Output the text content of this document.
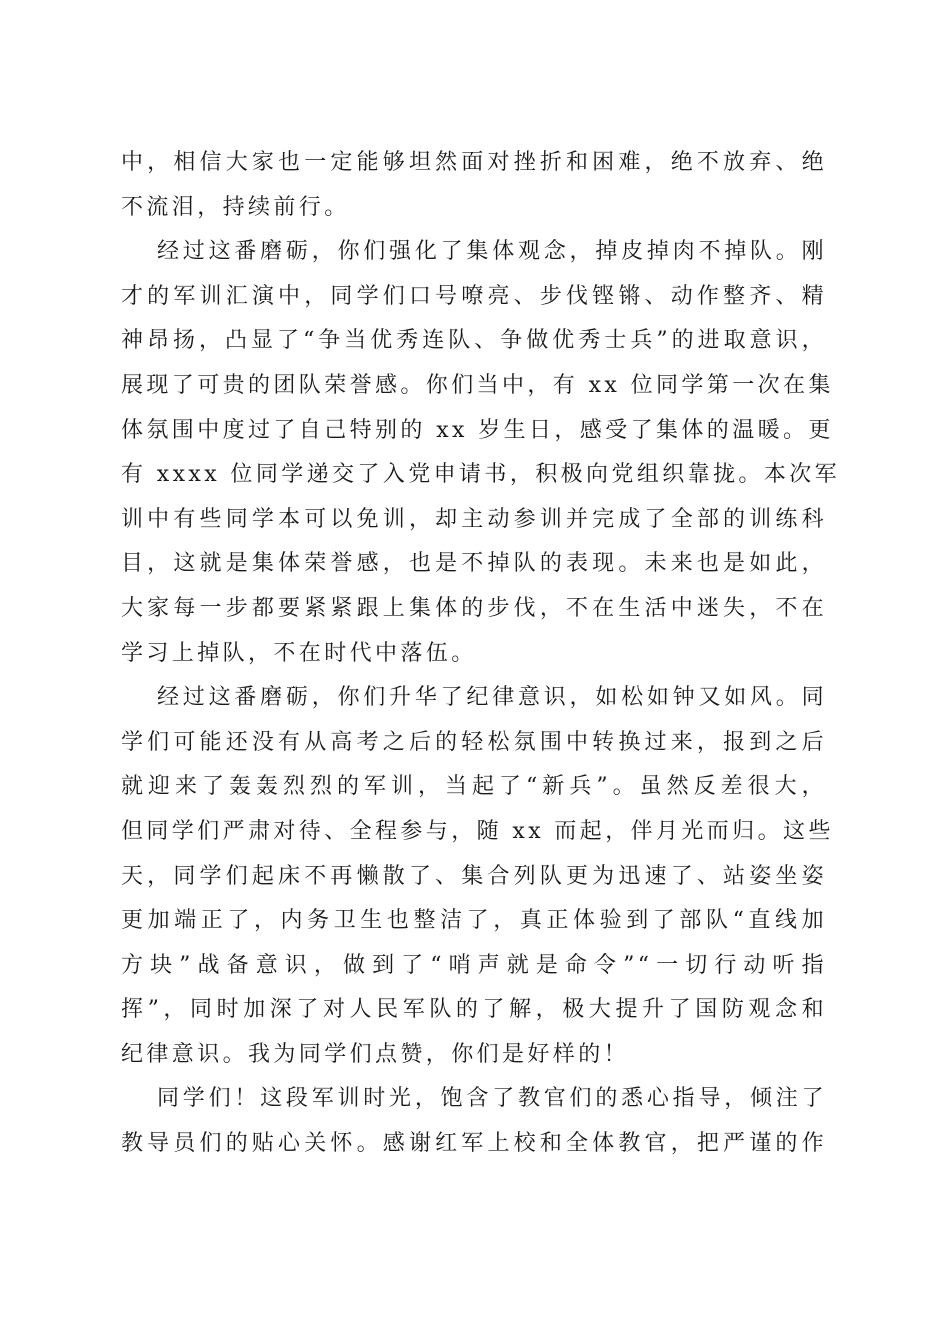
中，相信大家也一定能够坦然面对挫折和困难，绝不放弃、绝
不流泪，持续前行。
经过这番磨砺，你们强化了集体观念，掉皮掉肉不掉队。刚
才的军训汇演中，同学们口号嘹亮、步伐铿锵、动作整齐、精
神昂扬，凸显了“争当优秀连队、争做优秀士兵”的进取意识，
展现了可贵的团队荣誉感。你们当中，有 xx 位同学第一次在集
体氛围中度过了自己特别的 xx 岁生日，感受了集体的温暖。更
有 xxxx 位同学递交了入党申请书，积极向党组织靠拢。本次军
训中有些同学本可以免训，却主动参训并完成了全部的训练科
目，这就是集体荣誉感，也是不掉队的表现。未来也是如此，
大家每一步都要紧紧跟上集体的步伐，不在生活中迷失，不在
学习上掉队，不在时代中落伍。
经过这番磨砺，你们升华了纪律意识，如松如钟又如风。同
学们可能还没有从高考之后的轻松氛围中转换过来，报到之后
就迎来了轰轰烈烈的军训，当起了“新兵”。虽然反差很大，
但同学们严肃对待、全程参与，随 xx 而起，伴月光而归。这些
天，同学们起床不再懒散了、集合列队更为迅速了、站姿坐姿
更加端正了，内务卫生也整洁了，真正体验到了部队“直线加
方块”战备意识，做到了“哨声就是命令”“一切行动听指
挥”，同时加深了对人民军队的了解，极大提升了国防观念和
纪律意识。我为同学们点赞，你们是好样的！
同学们！这段军训时光，饱含了教官们的悉心指导，倾注了
教导员们的贴心关怀。感谢红军上校和全体教官，把严谨的作
